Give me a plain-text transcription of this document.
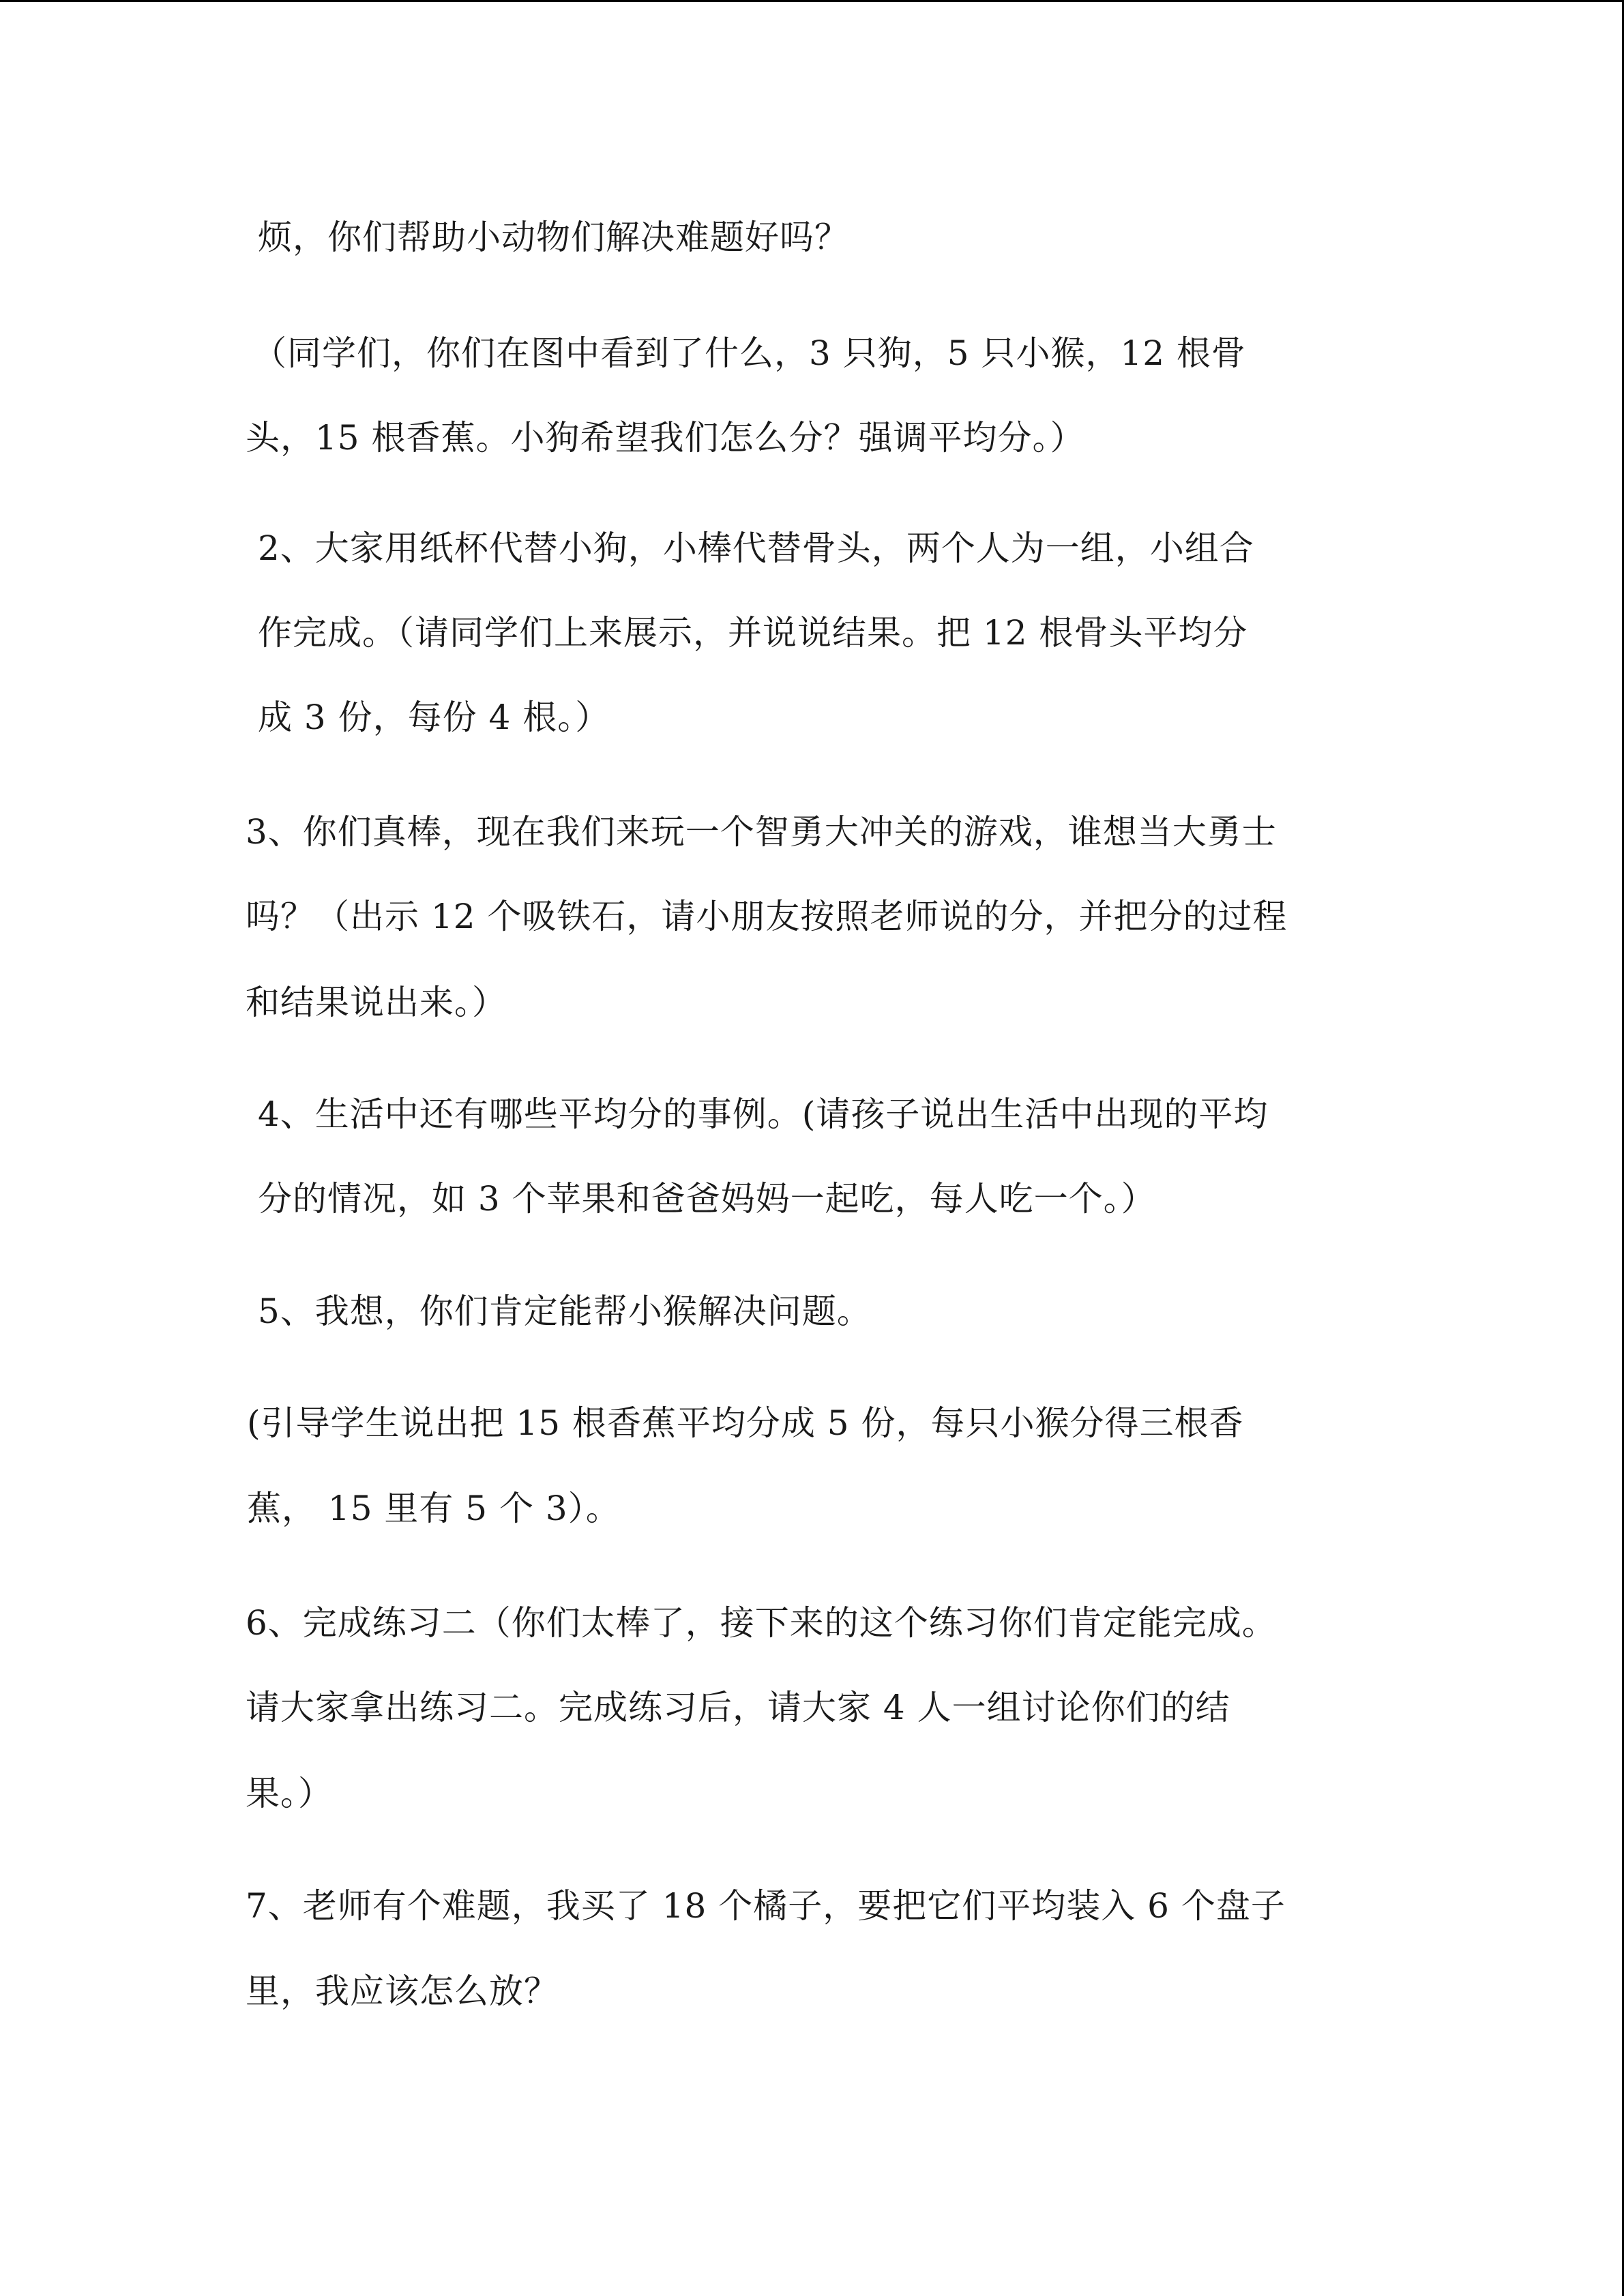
烦，你们帮助小动物们解决难题好吗？
（同学们，你们在图中看到了什么，3 只狗，5 只小猴，12 根骨
头，15 根香蕉。小狗希望我们怎么分？强调平均分。）
2、大家用纸杯代替小狗，小棒代替骨头，两个人为一组，小组合
作完成。（请同学们上来展示，并说说结果。把 12 根骨头平均分
成 3 份，每份 4 根。）
3、你们真棒，现在我们来玩一个智勇大冲关的游戏，谁想当大勇士
吗？（出示 12 个吸铁石，请小朋友按照老师说的分，并把分的过程
和结果说出来。）
4、生活中还有哪些平均分的事例。(请孩子说出生活中出现的平均
分的情况，如 3 个苹果和爸爸妈妈一起吃，每人吃一个。）
5、我想，你们肯定能帮小猴解决问题。
(引导学生说出把 15 根香蕉平均分成 5 份，每只小猴分得三根香
蕉， 15 里有 5 个 3）。
6、完成练习二（你们太棒了，接下来的这个练习你们肯定能完成。
请大家拿出练习二。完成练习后，请大家 4 人一组讨论你们的结
果。）
7、老师有个难题，我买了 18 个橘子，要把它们平均装入 6 个盘子
里，我应该怎么放？
